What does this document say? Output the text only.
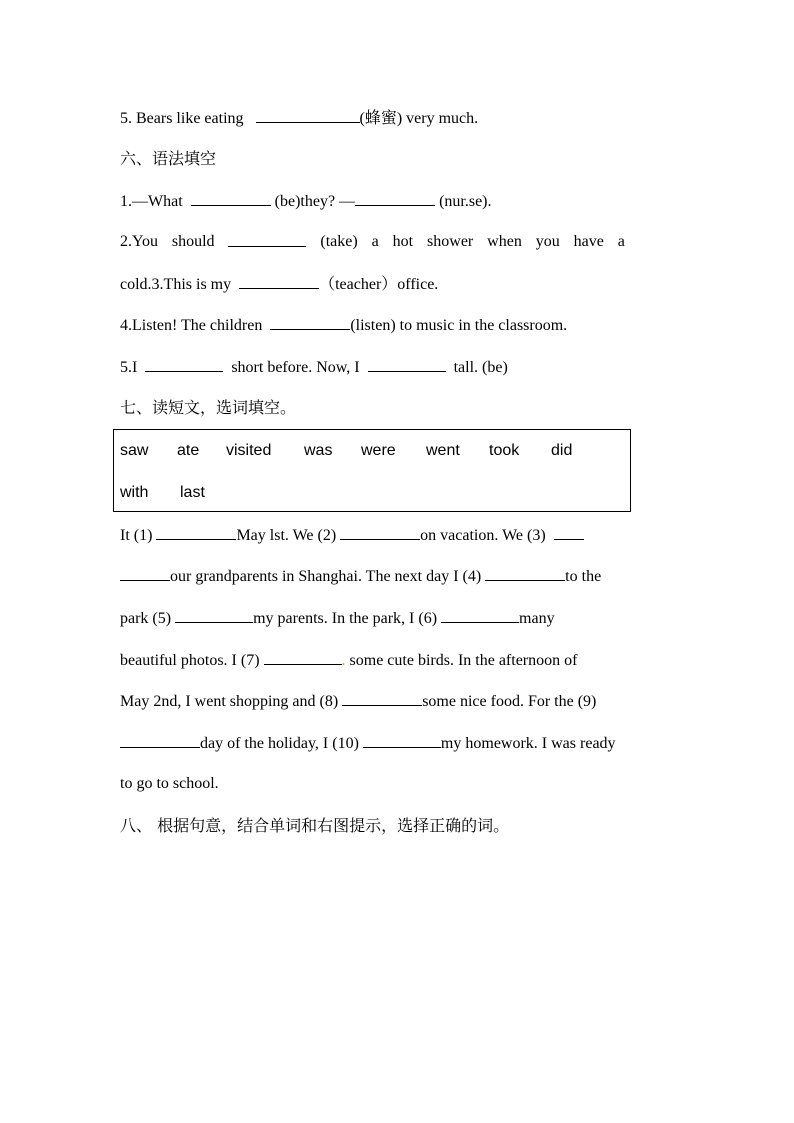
5. Bears like eating	(蜂蜜) very much.
六、语法填空
1.—What	(be)they? —	(nur.se).
2.You should	(take) a hot shower when you have a
cold.3.This is my	（teacher）office.
4.Listen! The children	(listen) to music in the classroom.
5.I	short before. Now, I	tall. (be)
七、读短文，选词填空。
saw ate visited was were went took did
with last
It (1)	May lst. We (2)	on vacation. We (3)
our grandparents in Shanghai. The next day I (4)	to the
park (5)	my parents. In the park, I (6)	many
beautiful photos. I (7)	. some cute birds. In the afternoon of
May 2nd, I went shopping and (8)	some nice food. For the (9)
day of the holiday, I (10)	my homework. I was ready
to go to school.
八、 根据句意，结合单词和右图提示，选择正确的词。
